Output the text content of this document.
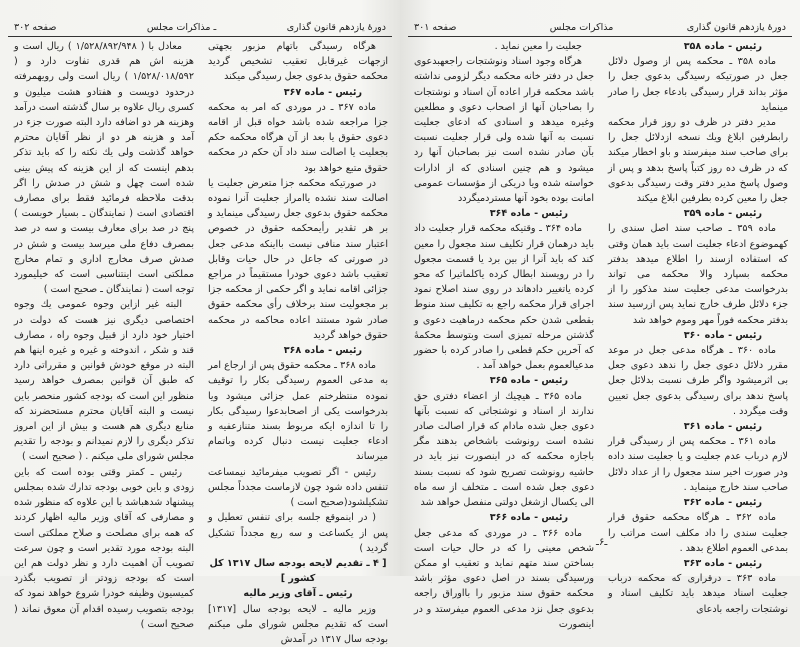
دورهٔ یازدهم قانون گذاری
مذاکرات مجلس
صفحه ۳۰۱

رئیس - ماده ۳۵۸

ماده ۳۵۸ ـ محکمه پس از وصول دلائل جعل در صورتیکه رسیدگی بدعوی جعل را مؤثر بداند قرار رسیدگی بادعاء جعل را صادر مینماید

مدیر دفتر در ظرف دو روز قرار محکمه رابطرفین ابلاغ ویك نسخه ازدلائل جعل را برای صاحب سند میفرستد و باو اخطار میکند که در ظرف ده روز کتباً پاسخ بدهد و پس از وصول پاسخ مدیر دفتر وقت رسیدگی بدعوی جعل را معین کرده بطرفین ابلاغ میکند

رئیس - ماده ۳۵۹

ماده ۳۵۹ ـ صاحب سند اصل سندی را کهموضوع ادعاء جعلیت است باید همان وقتی که استفاده ازسند را اطلاع میدهد بدفتر محکمه بسپارد والا محکمه می تواند بدرخواست مدعی جعلیت سند مذکور را از جزء دلائل طرف خارج نماید پس ازرسید سند بدفتر محکمه فوراً مهر وموم خواهد شد

رئیس - ماده ۳۶۰

ماده ۳۶۰ ـ هرگاه مدعی جعل در موعد مقرر دلائل دعوی جعل را ندهد دعوی جعل بی اثرمیشود واگر طرف نسبت بدلائل جعل پاسخ ندهد برای رسیدگی بدعوی جعل تعیین وقت میگردد .

رئیس - ماده ۳۶۱

ماده ۳۶۱ ـ محکمه پس از رسیدگی قرار لازم درباب عدم جعلیت و یا جعلیت سند داده ودر صورت اخیر سند مجعول را از عداد دلائل صاحب سند خارج مینماید .

رئیس - ماده ۳۶۲

ماده ۳۶۲ ـ هرگاه محکمه حقوق قرار جعلیت سندی را داد مکلف است مراتب را بمدعی العموم اطلاع بدهد .

رئیس - ماده ۳۶۳

ماده ۳۶۳ ـ درقراری که محکمه درباب جعلیت اسناد میدهد باید تکلیف اسناد و نوشتجات راجعه بادعای

جعلیت را معین نماید .

هرگاه وجود اسناد ونوشتجات راجعهبدعوی جعل در دفتر خانه محکمه دیگر لزومی نداشته باشد محکمه قرار اعاده آن اسناد و نوشتجات را بصاحبان آنها از اصحاب دعوی و مطلعین وغیره میدهد و اسنادی که ادعای جعلیت نسبت به آنها شده ولی قرار جعلیت نسبت بآن صادر نشده است نیز بصاحبان آنها رد میشود و هم چنین اسنادی که از ادارات خواسته شده ویا دریکی از مؤسسات عمومی امانت بوده بخود آنها مستردمیگردد

رئیس - ماده ۳۶۴

ماده ۳۶۴ ـ وقتیکه محکمه قرار جعلیت داد باید درهمان قرار تکلیف سند مجعول را معین کند که باید آنرا از بین برد یا قسمت مجعول را در رویسند ابطال کرده یاکلماتیرا که محو کرده یاتغییر دادهاند در روی سند اصلاح نمود اجرای قرار محکمه راجع به تکلیف سند منوط بقطعی شدن حکم محکمه درماهیت دعوی و گذشتن مرحله تمیزی است وبتوسط محکمهٔ که آخرین حکم قطعی را صادر کرده با حضور مدعیالعموم بعمل خواهد آمد .

رئیس - ماده ۳۶۵

ماده ۳۶۵ ـ هیچیك از اعضاء دفتری حق ندارند از اسناد و نوشتجاتی که نسبت بآنها دعوی جعل شده مادام که قرار اصالت صادر نشده است رونوشت باشخاص بدهند مگر باجازه محکمه که در اینصورت نیز باید در حاشیه رونوشت تصریح شود که نسبت بسند دعوی جعل شده است ـ متخلف از سه ماه الی یکسال ازشغل دولتی منفصل خواهد شد

رئیس - ماده ۳۶۶

ماده ۳۶۶ ـ در موردی که مدعی جعل شخص معینی را که در حال حیات است بساختن سند متهم نماید و تعقیب او ممکن ورسیدگی بسند در اصل دعوی مؤثر باشد محکمه حقوق سند مزبور را بااوراق راجعه بدعوی جعل نزد مدعی العموم میفرستد و در اینصورت

ـ۶ـ
دورهٔ یازدهم قانون گذاری
ـ مذاکرات مجلس
صفحه ۳۰۲

هرگاه رسیدگی باتهام مزبور بجهتی ازجهات غیرقابل تعقیب تشخیص گردید محکمه حقوق بدعوی جعل رسیدگی میکند

رئیس - ماده ۳۶۷

ماده ۳۶۷ ـ در موردی که امر به محکمه جزا مراجعه شده باشد خواه قبل از اقامه دعوی حقوق یا بعد از آن هرگاه محکمه حکم بجعلیت یا اصالت سند داد آن حکم در محکمه حقوق متبع خواهد بود

در صورتیکه محکمه جزا متعرض جعلیت یا اصالت سند نشده یاامراز جعلیت آنرا نموده محکمه حقوق بدعوی جعل رسیدگی مینماید و بر هر تقدیر رأیمحکمه حقوق در خصوص اعتبار سند منافی نیست بااینکه مدعی جعل در صورتی که جاعل در حال حیات وقابل تعقیب باشد دعوی خودرا مستقیماً در مراجع جزائی اقامه نماید و اگر حکمی از محکمه جزا بر مجعولیت سند برخلاف رأی محکمه حقوق صادر شود مستند اعاده محاکمه در محکمه حقوق خواهد گردید

رئیس - ماده ۳۶۸

ماده ۳۶۸ ـ محکمه حقوق پس از ارجاع امر به مدعی العموم رسیدگی بکار را توقیف نموده منتظرختم عمل جزائی میشود ویا بدرخواست یکی از اصحابدعوا رسیدگی بکار را تا اندازه ایکه مربوط بسند متنازعفیه و ادعاء جعلیت نیست دنبال کرده وباتمام میرساند

رئیس - اگر تصویب میفرمائید نیمساعت تنفس داده شود چون لازماست مجدداً مجلس تشکیلشود(صحیح است )

( در اینموقع جلسه برای تنفس تعطیل و پس از یکساعت و سه ربع مجدداً تشکیل گردید )

[ ۴ ـ تقدیم لایحه بودجه سال ۱۳۱۷ کل کشور ]

رئیس ـ آقای وزیر مالیه

وزیر مالیه ـ لایحه بودجه سال [۱۳۱۷] است که تقدیم مجلس شورای ملی میکنم بودجه سال ۱۳۱۷ در آمدش

معادل با ( ۱/۵۲۸/۸۹۲/۹۴۸ ) ریال است و هزینه اش هم قدری تفاوت دارد و ( ۱/۵۲۸/۰۱۸/۵۹۲ ) ریال است ولی رویهمرفته درحدود دویست و هفتادو هشت میلیون و کسری ریال علاوه بر سال گذشته است درآمد وهزینه هر دو اضافه دارد البته صورت جزء در آمد و هزینه هر دو از نظر آقایان محترم خواهد گذشت ولی یك نکته را که باید تذکر بدهم اینست که از این هزینه که پیش بینی شده است چهل و شش در صدش را اگر بدقت ملاحظه فرمائید فقط برای مصارف اقتصادی است ( نمایندگان ـ بسیار خوبست ) پنج در صد برای معارف بیست و سه در صد بمصرف دفاع ملی میرسد بیست و شش در صدش صرف مخارج اداری و تمام مخارج مملکتی است اینتناسبی است که خیلیمورد توجه است ( نمایندگان ـ صحیح است )

البته غیر ازاین وجوه عمومی یك وجوه اختصاصی دیگری نیز هست که دولت در اختیار خود دارد از قبیل وجوه راه ، مصارف قند و شکر ، اندوخته و غیره و غیره اینها هم البته در موقع خودش قوانین و مقرراتی دارد که طبق آن قوانین بمصرف خواهد رسید منظور این است که بودجه کشور منحصر باین نیست و البته آقایان محترم مستحضرند که منابع دیگری هم هست و بیش از این امروز تذکر دیگری را لازم نمیدانم و بودجه را تقدیم مجلس شورای ملی میکنم . ( صحیح است )

رئیس ـ کمتر وقتی بوده است که باین زودی و باین خوبی بودجه تدارك شده بمجلس پیشنهاد شدهباشد با این علاوه که منظور شده و مصارفی که آقای وزیر مالیه اظهار کردند که همه برای مصلحت و صلاح مملکتی است البته بودجه مورد تقدیر است و چون سرعت تصویب آن اهمیت دارد و نظر دولت هم این است که بودجه زودتر از تصویب بگذرد کمیسیون وظیفه خودرا شروع خواهد نمود که بودجه بتصویب رسیده اقدام آن معوق نماند ( صحیح است )
